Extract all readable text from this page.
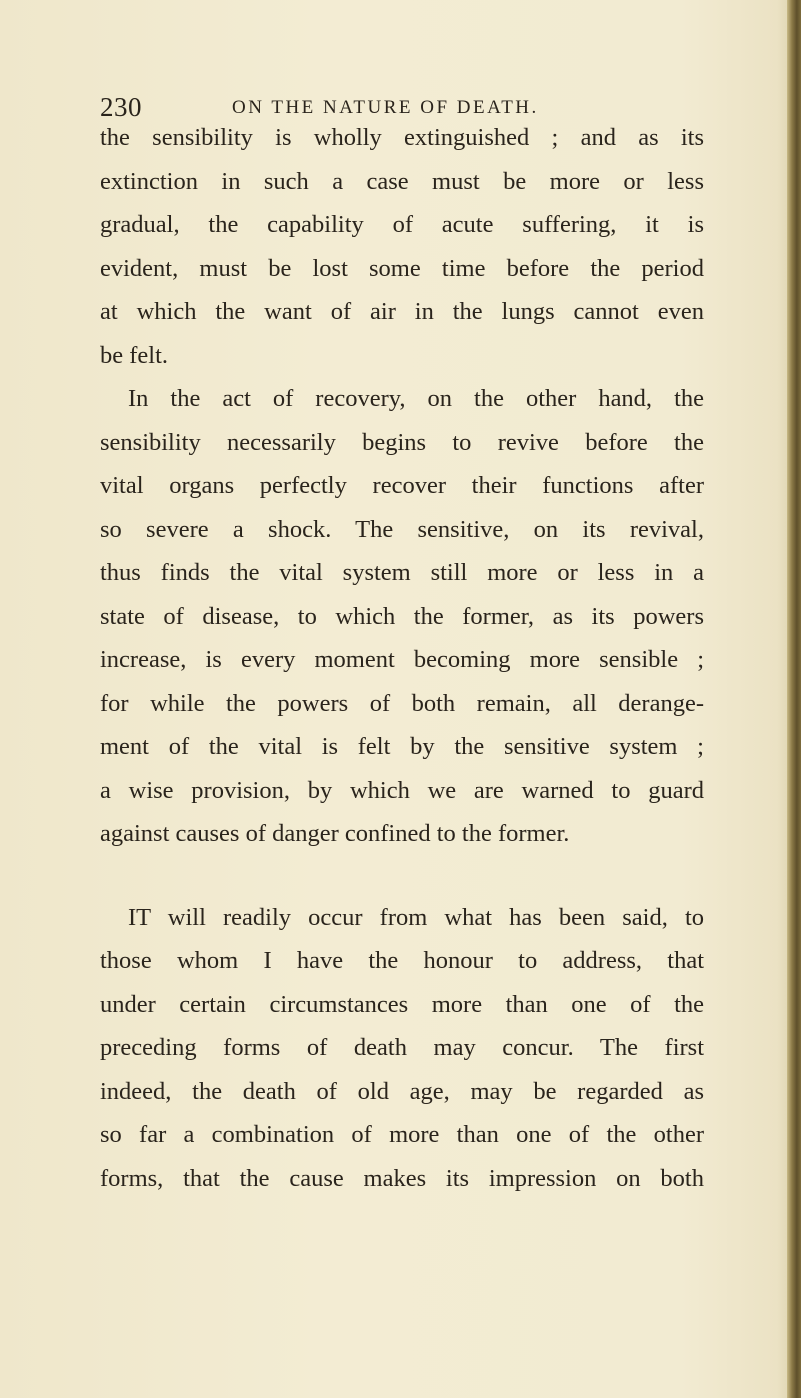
230	ON THE NATURE OF DEATH.
the sensibility is wholly extinguished ; and as its
extinction in such a case must be more or less
gradual, the capability of acute suffering, it is
evident, must be lost some time before the period
at which the want of air in the lungs cannot even
be felt.
In the act of recovery, on the other hand, the
sensibility necessarily begins to revive before the
vital organs perfectly recover their functions after
so severe a shock. The sensitive, on its revival,
thus finds the vital system still more or less in a
state of disease, to which the former, as its powers
increase, is every moment becoming more sensible ;
for while the powers of both remain, all derange-
ment of the vital is felt by the sensitive system ;
a wise provision, by which we are warned to guard
against causes of danger confined to the former.
IT will readily occur from what has been said, to
those whom I have the honour to address, that
under certain circumstances more than one of the
preceding forms of death may concur. The first
indeed, the death of old age, may be regarded as
so far a combination of more than one of the other
forms, that the cause makes its impression on both
